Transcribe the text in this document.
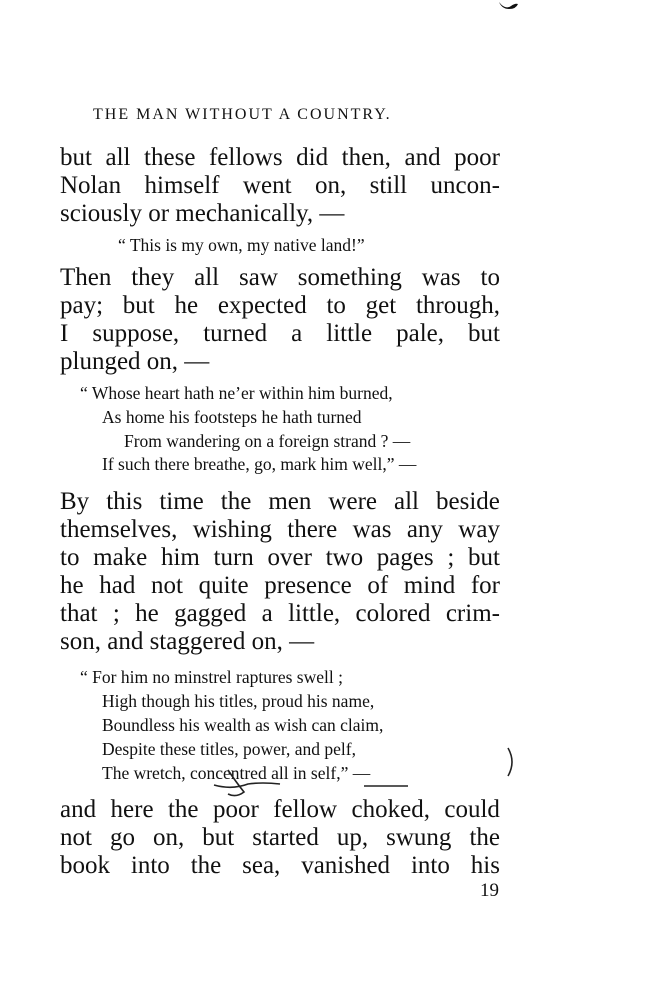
THE MAN WITHOUT A COUNTRY.
but all these fellows did then, and poor
Nolan himself went on, still uncon-
sciously or mechanically, —
“ This is my own, my native land!”
Then they all saw something was to
pay; but he expected to get through,
I suppose, turned a little pale, but
plunged on, —
“ Whose heart hath ne’er within him burned,
As home his footsteps he hath turned
From wandering on a foreign strand ? —
If such there breathe, go, mark him well,” —
By this time the men were all beside
themselves, wishing there was any way
to make him turn over two pages ; but
he had not quite presence of mind for
that ; he gagged a little, colored crim-
son, and staggered on, —
“ For him no minstrel raptures swell ;
High though his titles, proud his name,
Boundless his wealth as wish can claim,
Despite these titles, power, and pelf,
The wretch, concentred all in self,” —
and here the poor fellow choked, could
not go on, but started up, swung the
book into the sea, vanished into his
19
